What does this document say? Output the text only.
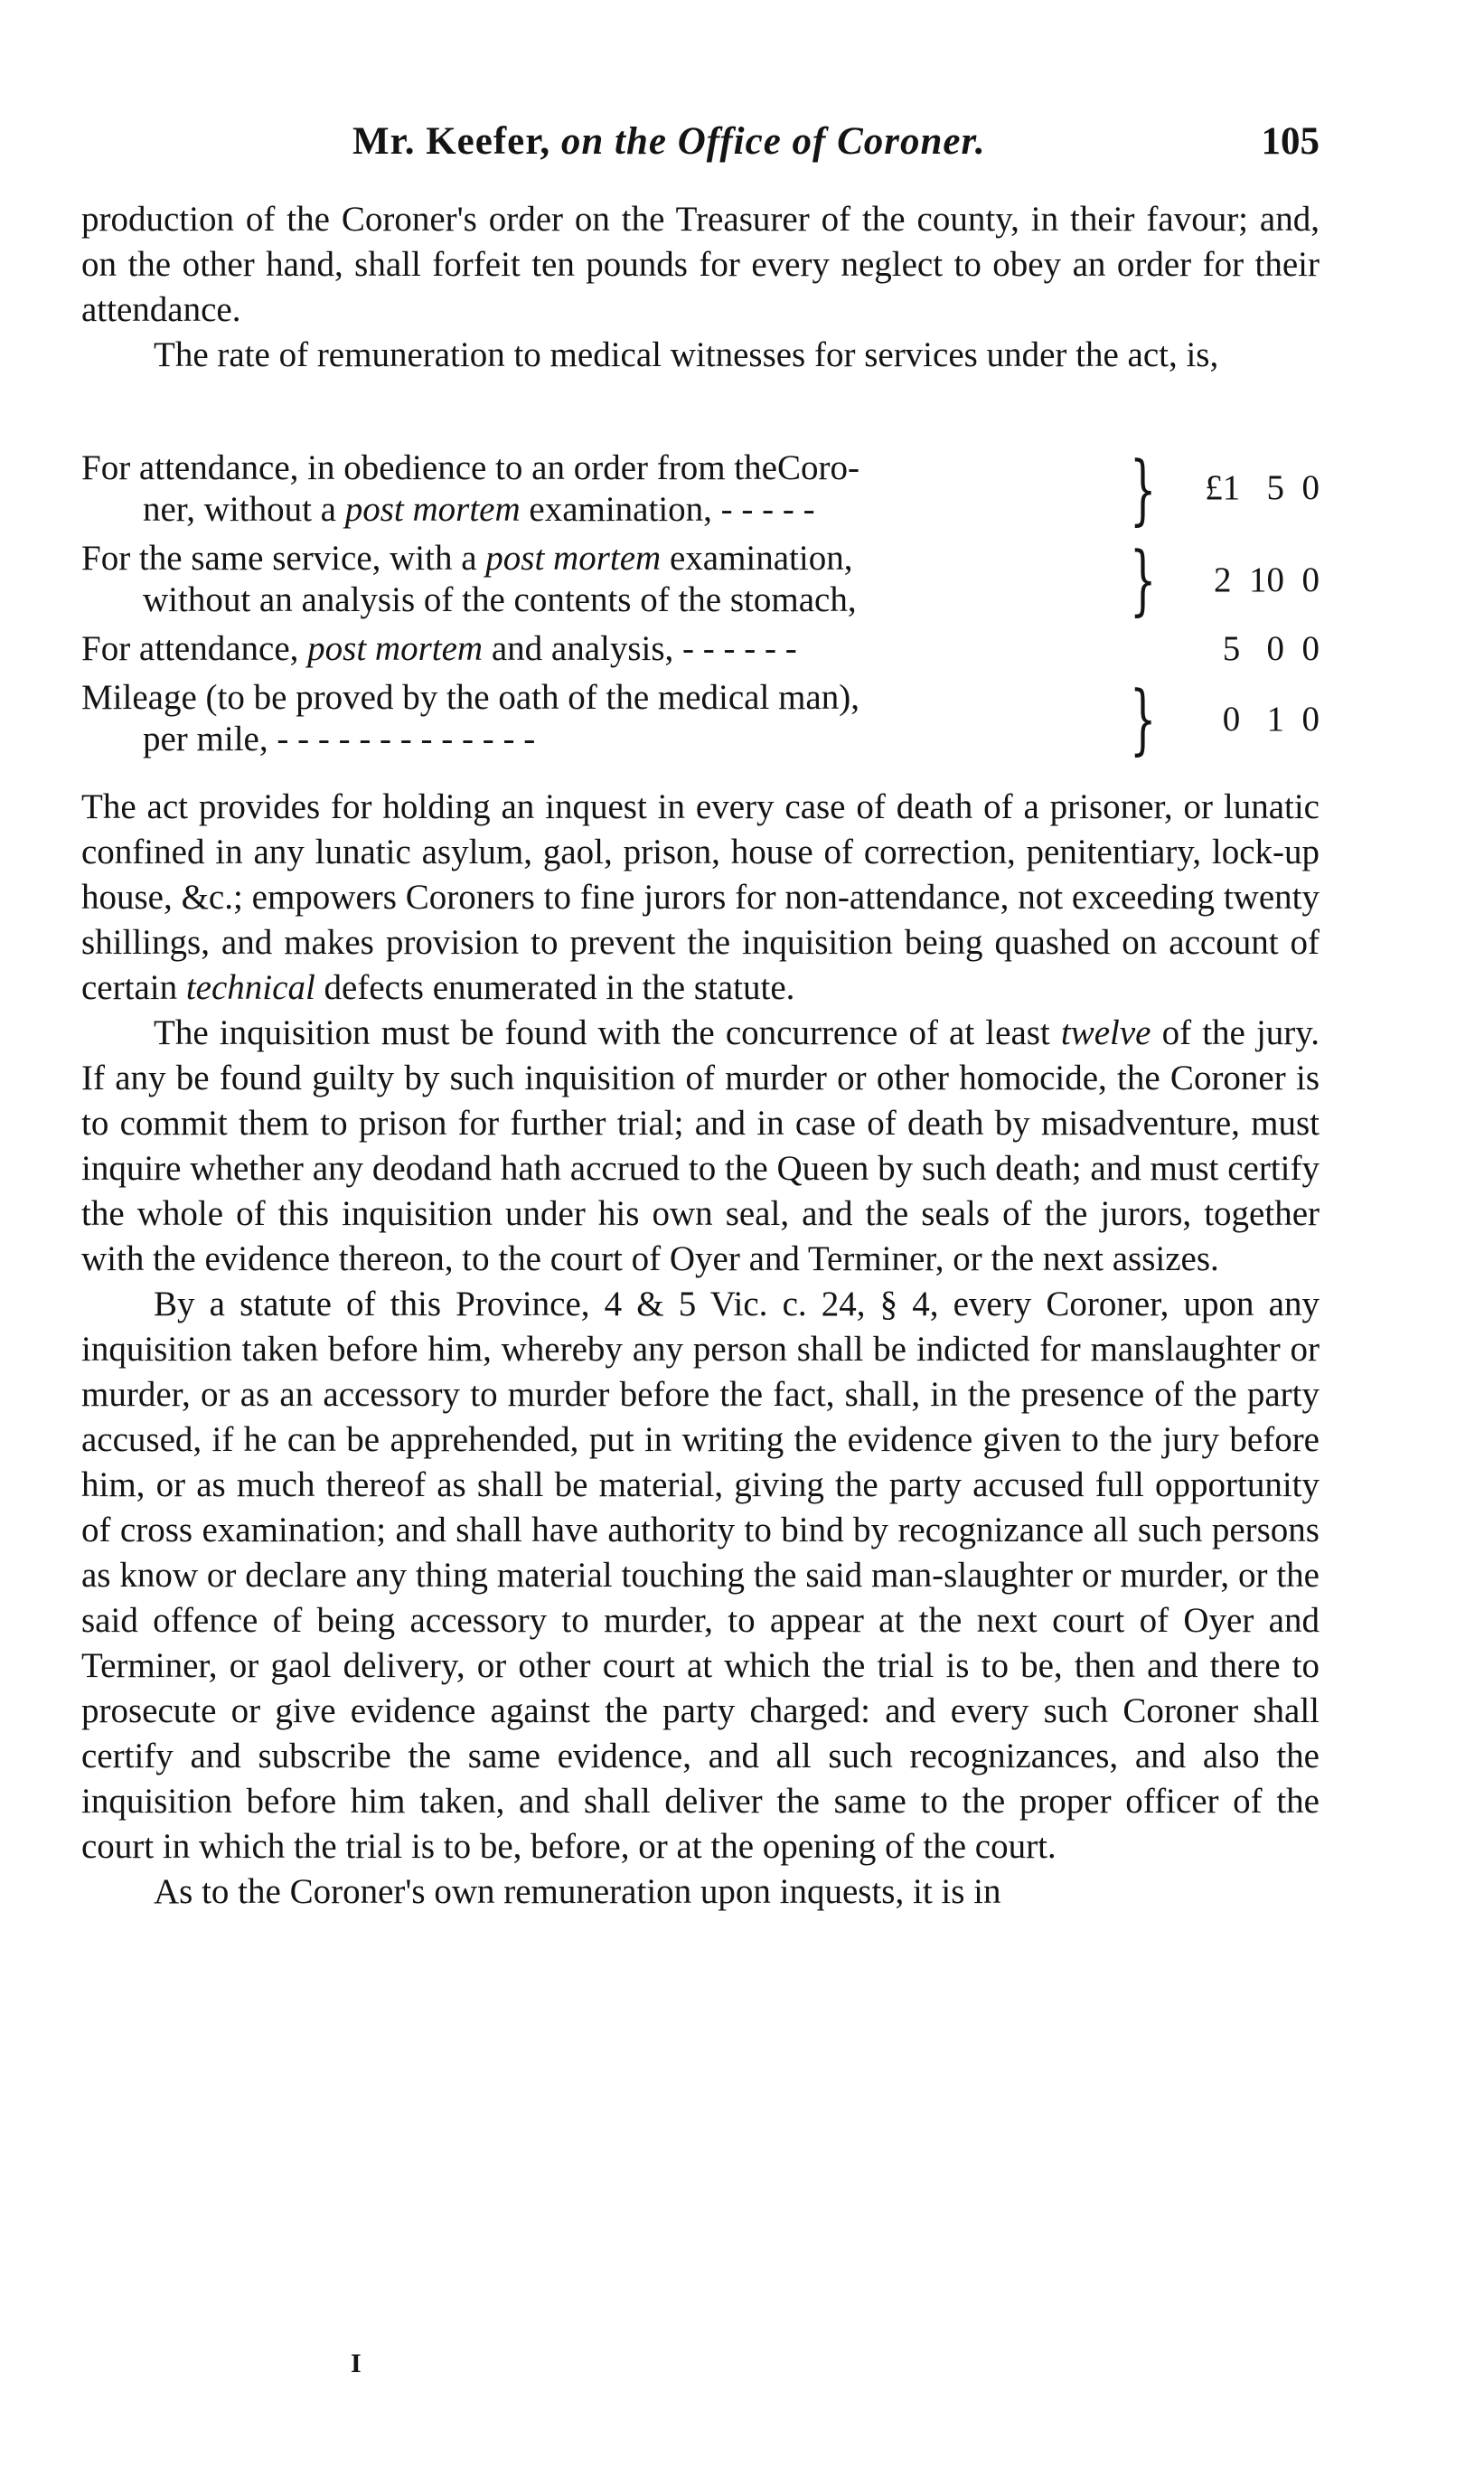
Mr. Keefer, on the Office of Coroner.	105

production of the Coroner's order on the Treasurer of the county, in their favour; and, on the other hand, shall forfeit ten pounds for every neglect to obey an order for their attendance.

The rate of remuneration to medical witnesses for services under the act, is,

For attendance, in obedience to an order from theCoro-
ner, without a post mortem examination, - - - - -	} £1   5  0
For the same service, with a post mortem examination,
without an analysis of the contents of the stomach,	} 2  10  0
For attendance, post mortem and analysis, - - - - - -	5   0  0
Mileage (to be proved by the oath of the medical man),
per mile, - - - - - - - - - - - - -	} 0   1  0

The act provides for holding an inquest in every case of death of a prisoner, or lunatic confined in any lunatic asylum, gaol, prison, house of correction, penitentiary, lock-up house, &c.; empowers Coroners to fine jurors for non-attendance, not exceeding twenty shillings, and makes provision to prevent the inquisition being quashed on account of certain technical defects enumerated in the statute.

The inquisition must be found with the concurrence of at least twelve of the jury. If any be found guilty by such inquisition of murder or other homocide, the Coroner is to commit them to prison for further trial; and in case of death by misadventure, must inquire whether any deodand hath accrued to the Queen by such death; and must certify the whole of this inquisition under his own seal, and the seals of the jurors, together with the evidence thereon, to the court of Oyer and Terminer, or the next assizes.

By a statute of this Province, 4 & 5 Vic. c. 24, § 4, every Coroner, upon any inquisition taken before him, whereby any person shall be indicted for manslaughter or murder, or as an accessory to murder before the fact, shall, in the presence of the party accused, if he can be apprehended, put in writing the evidence given to the jury before him, or as much thereof as shall be material, giving the party accused full opportunity of cross examination; and shall have authority to bind by recognizance all such persons as know or declare any thing material touching the said man-slaughter or murder, or the said offence of being accessory to murder, to appear at the next court of Oyer and Terminer, or gaol delivery, or other court at which the trial is to be, then and there to prosecute or give evidence against the party charged: and every such Coroner shall certify and subscribe the same evidence, and all such recognizances, and also the inquisition before him taken, and shall deliver the same to the proper officer of the court in which the trial is to be, before, or at the opening of the court.

As to the Coroner's own remuneration upon inquests, it is in

I
